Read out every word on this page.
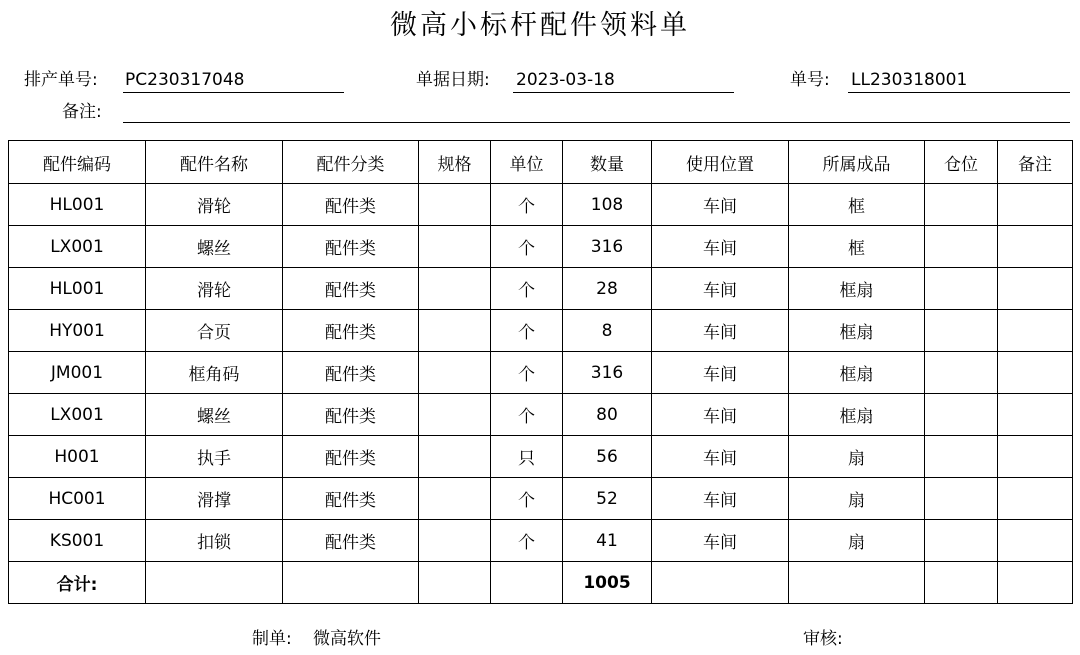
微高小标杆配件领料单
排产单号: PC230317048	单据日期: 2023-03-18	单号: LL230318001
备注:
配件编码	配件名称	配件分类	规格	单位	数量	使用位置	所属成品	仓位	备注
HL001	滑轮	配件类		个	108	车间	框		
LX001	螺丝	配件类		个	316	车间	框		
HL001	滑轮	配件类		个	28	车间	框扇		
HY001	合页	配件类		个	8	车间	框扇		
JM001	框角码	配件类		个	316	车间	框扇		
LX001	螺丝	配件类		个	80	车间	框扇		
H001	执手	配件类		只	56	车间	扇		
HC001	滑撑	配件类		个	52	车间	扇		
KS001	扣锁	配件类		个	41	车间	扇		
合计:					1005				
制单: 微高软件	审核:
